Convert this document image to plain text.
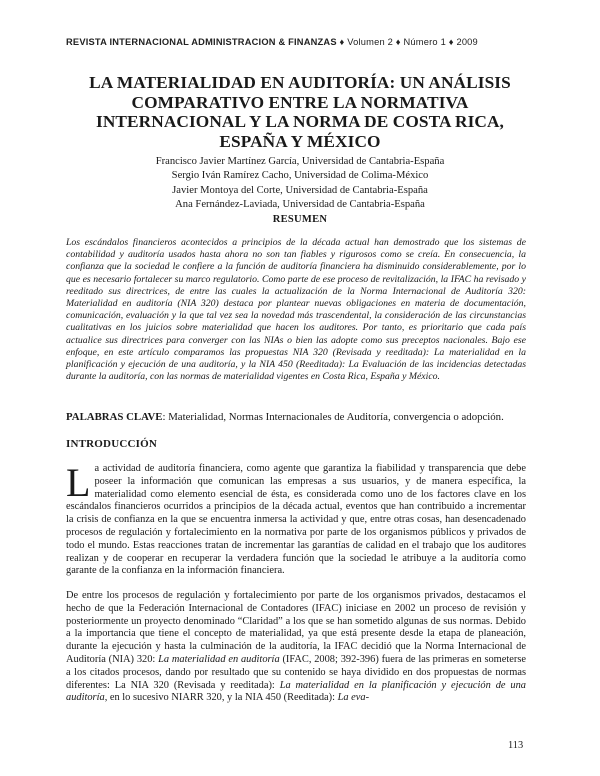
REVISTA INTERNACIONAL ADMINISTRACION & FINANZAS ♦ Volumen 2 ♦ Número 1 ♦ 2009
LA MATERIALIDAD EN AUDITORÍA: UN ANÁLISIS COMPARATIVO ENTRE LA NORMATIVA INTERNACIONAL Y LA NORMA DE COSTA RICA, ESPAÑA Y MÉXICO
Francisco Javier Martínez García, Universidad de Cantabria-España
Sergio Iván Ramírez Cacho, Universidad de Colima-México
Javier Montoya del Corte, Universidad de Cantabria-España
Ana Fernández-Laviada, Universidad de Cantabria-España
RESUMEN

Los escándalos financieros acontecidos a principios de la década actual han demostrado que los sistemas de contabilidad y auditoría usados hasta ahora no son tan fiables y rigurosos como se creía. En consecuencia, la confianza que la sociedad le confiere a la función de auditoría financiera ha disminuido considerablemente, por lo que es necesario fortalecer su marco regulatorio. Como parte de ese proceso de revitalización, la IFAC ha revisado y reeditado sus directrices, de entre las cuales la actualización de la Norma Internacional de Auditoría 320: Materialidad en auditoría (NIA 320) destaca por plantear nuevas obligaciones en materia de documentación, comunicación, evaluación y la que tal vez sea la novedad más trascendental, la consideración de las circunstancias cualitativas en los juicios sobre materialidad que hacen los auditores. Por tanto, es prioritario que cada país actualice sus directrices para converger con las NIAs o bien las adopte como sus preceptos nacionales. Bajo ese enfoque, en este artículo comparamos las propuestas NIA 320 (Revisada y reeditada): La materialidad en la planificación y ejecución de una auditoría, y la NIA 450 (Reeditada): La Evaluación de las incidencias detectadas durante la auditoría, con las normas de materialidad vigentes en Costa Rica, España y México.

PALABRAS CLAVE: Materialidad, Normas Internacionales de Auditoría, convergencia o adopción.
INTRODUCCIÓN

La actividad de auditoría financiera, como agente que garantiza la fiabilidad y transparencia que debe poseer la información que comunican las empresas a sus usuarios, y de manera específica, la materialidad como elemento esencial de ésta, es considerada como uno de los factores clave en los escándalos financieros ocurridos a principios de la década actual, eventos que han contribuido a incrementar la crisis de confianza en la que se encuentra inmersa la actividad y que, entre otras cosas, han desencadenado procesos de regulación y fortalecimiento en la normativa por parte de los organismos públicos y privados de todo el mundo. Estas reacciones tratan de incrementar las garantías de calidad en el trabajo que los auditores realizan y de cooperar en recuperar la verdadera función que la sociedad le atribuye a la auditoría como garante de la confianza en la información financiera.

De entre los procesos de regulación y fortalecimiento por parte de los organismos privados, destacamos el hecho de que la Federación Internacional de Contadores (IFAC) iniciase en 2002 un proceso de revisión y posteriormente un proyecto denominado “Claridad” a los que se han sometido algunas de sus normas. Debido a la importancia que tiene el concepto de materialidad, ya que está presente desde la etapa de planeación, durante la ejecución y hasta la culminación de la auditoría, la IFAC decidió que la Norma Internacional de Auditoría (NIA) 320: La materialidad en auditoría (IFAC, 2008; 392-396) fuera de las primeras en someterse a los citados procesos, dando por resultado que su contenido se haya dividido en dos propuestas de normas diferentes: La NIA 320 (Revisada y reeditada): La materialidad en la planificación y ejecución de una auditoría, en lo sucesivo NIARR 320, y la NIA 450 (Reeditada): La eva-

113
